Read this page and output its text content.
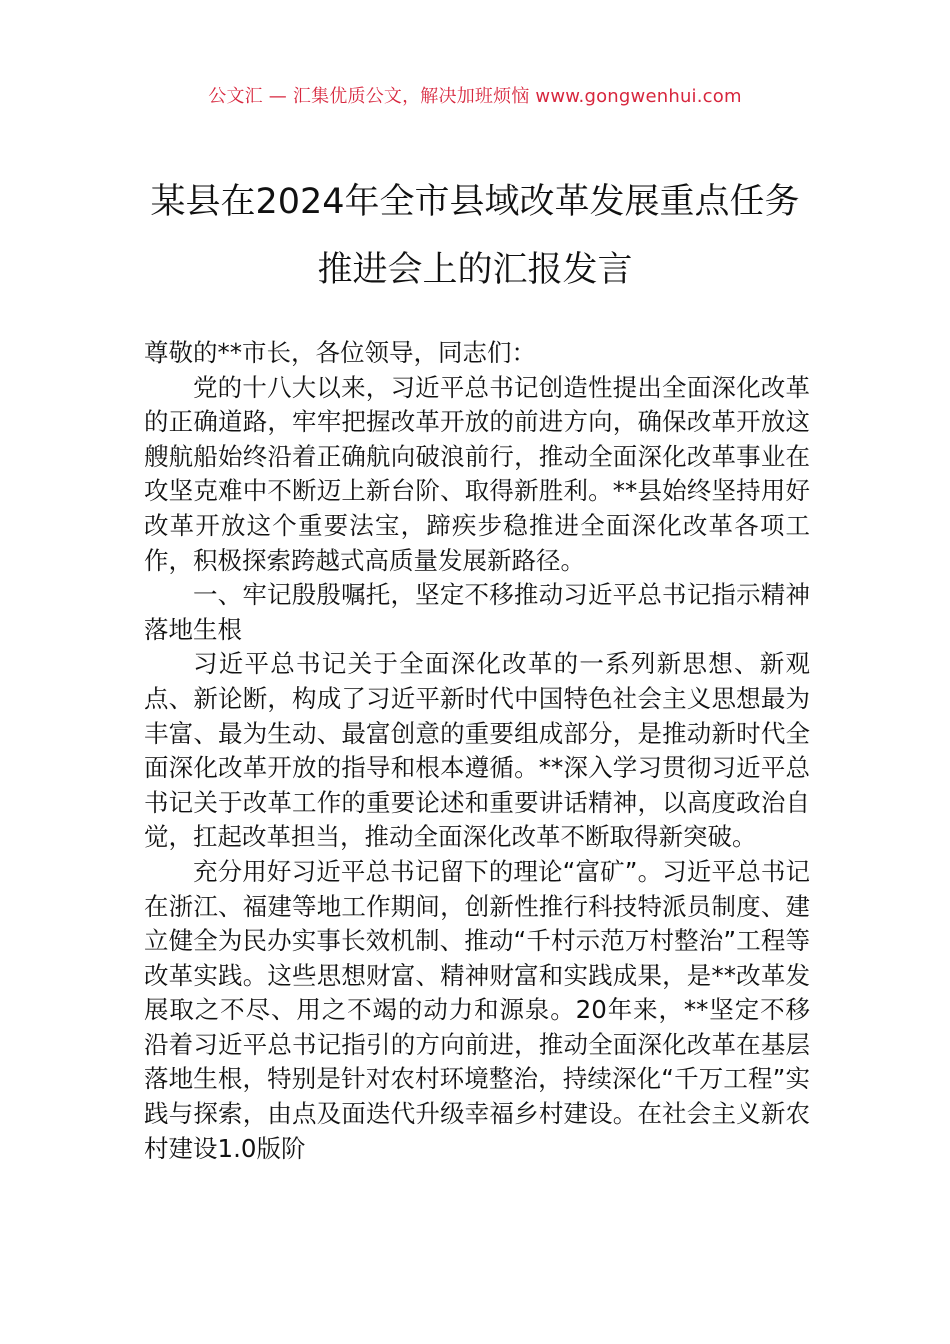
公文汇 — 汇集优质公文，解决加班烦恼 www.gongwenhui.com
某县在2024年全市县域改革发展重点任务
推进会上的汇报发言

尊敬的**市长，各位领导，同志们：

党的十八大以来，习近平总书记创造性提出全面深化改革的正确道路，牢牢把握改革开放的前进方向，确保改革开放这艘航船始终沿着正确航向破浪前行，推动全面深化改革事业在攻坚克难中不断迈上新台阶、取得新胜利。**县始终坚持用好改革开放这个重要法宝，蹄疾步稳推进全面深化改革各项工作，积极探索跨越式高质量发展新路径。

一、牢记殷殷嘱托，坚定不移推动习近平总书记指示精神落地生根

习近平总书记关于全面深化改革的一系列新思想、新观点、新论断，构成了习近平新时代中国特色社会主义思想最为丰富、最为生动、最富创意的重要组成部分，是推动新时代全面深化改革开放的指导和根本遵循。**深入学习贯彻习近平总书记关于改革工作的重要论述和重要讲话精神，以高度政治自觉，扛起改革担当，推动全面深化改革不断取得新突破。

充分用好习近平总书记留下的理论“富矿”。习近平总书记在浙江、福建等地工作期间，创新性推行科技特派员制度、建立健全为民办实事长效机制、推动“千村示范万村整治”工程等改革实践。这些思想财富、精神财富和实践成果，是**改革发展取之不尽、用之不竭的动力和源泉。20年来，**坚定不移沿着习近平总书记指引的方向前进，推动全面深化改革在基层落地生根，特别是针对农村环境整治，持续深化“千万工程”实践与探索，由点及面迭代升级幸福乡村建设。在社会主义新农村建设1.0版阶
